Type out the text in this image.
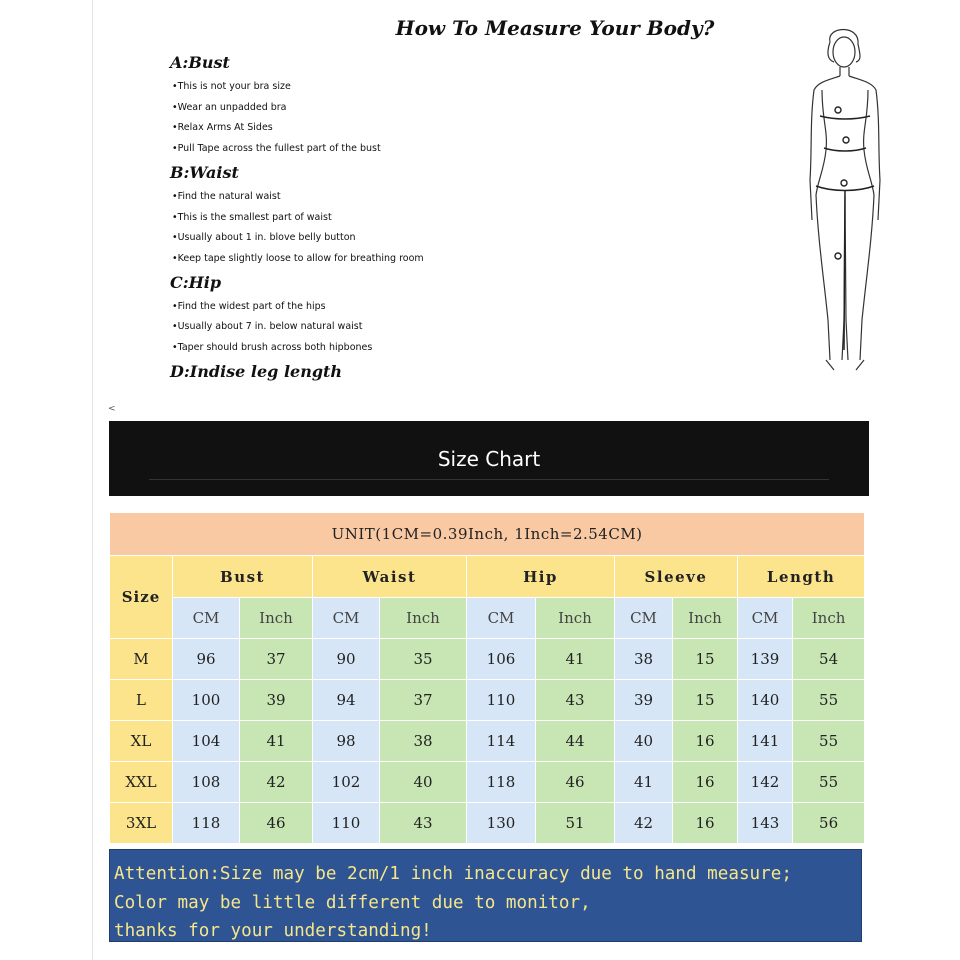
How To Measure Your Body?
A:Bust
•This is not your bra size
•Wear an unpadded bra
•Relax Arms At Sides
•Pull Tape across the fullest part of the bust
B:Waist
•Find the natural waist
•This is the smallest part of waist
•Usually about 1 in. blove belly button
•Keep tape slightly loose to allow for breathing room
C:Hip
•Find the widest part of the hips
•Usually about 7 in. below natural waist
•Taper should brush across both hipbones
D:Indise leg length
<
Size Chart
UNIT(1CM=0.39Inch, 1Inch=2.54CM)										
Size	Bust		Waist		Hip		Sleeve		Length	
	CM	Inch	CM	Inch	CM	Inch	CM	Inch	CM	Inch
M	96	37	90	35	106	41	38	15	139	54
L	100	39	94	37	110	43	39	15	140	55
XL	104	41	98	38	114	44	40	16	141	55
XXL	108	42	102	40	118	46	41	16	142	55
3XL	118	46	110	43	130	51	42	16	143	56
Attention:Size may be 2cm/1 inch inaccuracy due to hand measure;
Color may be little different due to monitor,
thanks for your understanding!
